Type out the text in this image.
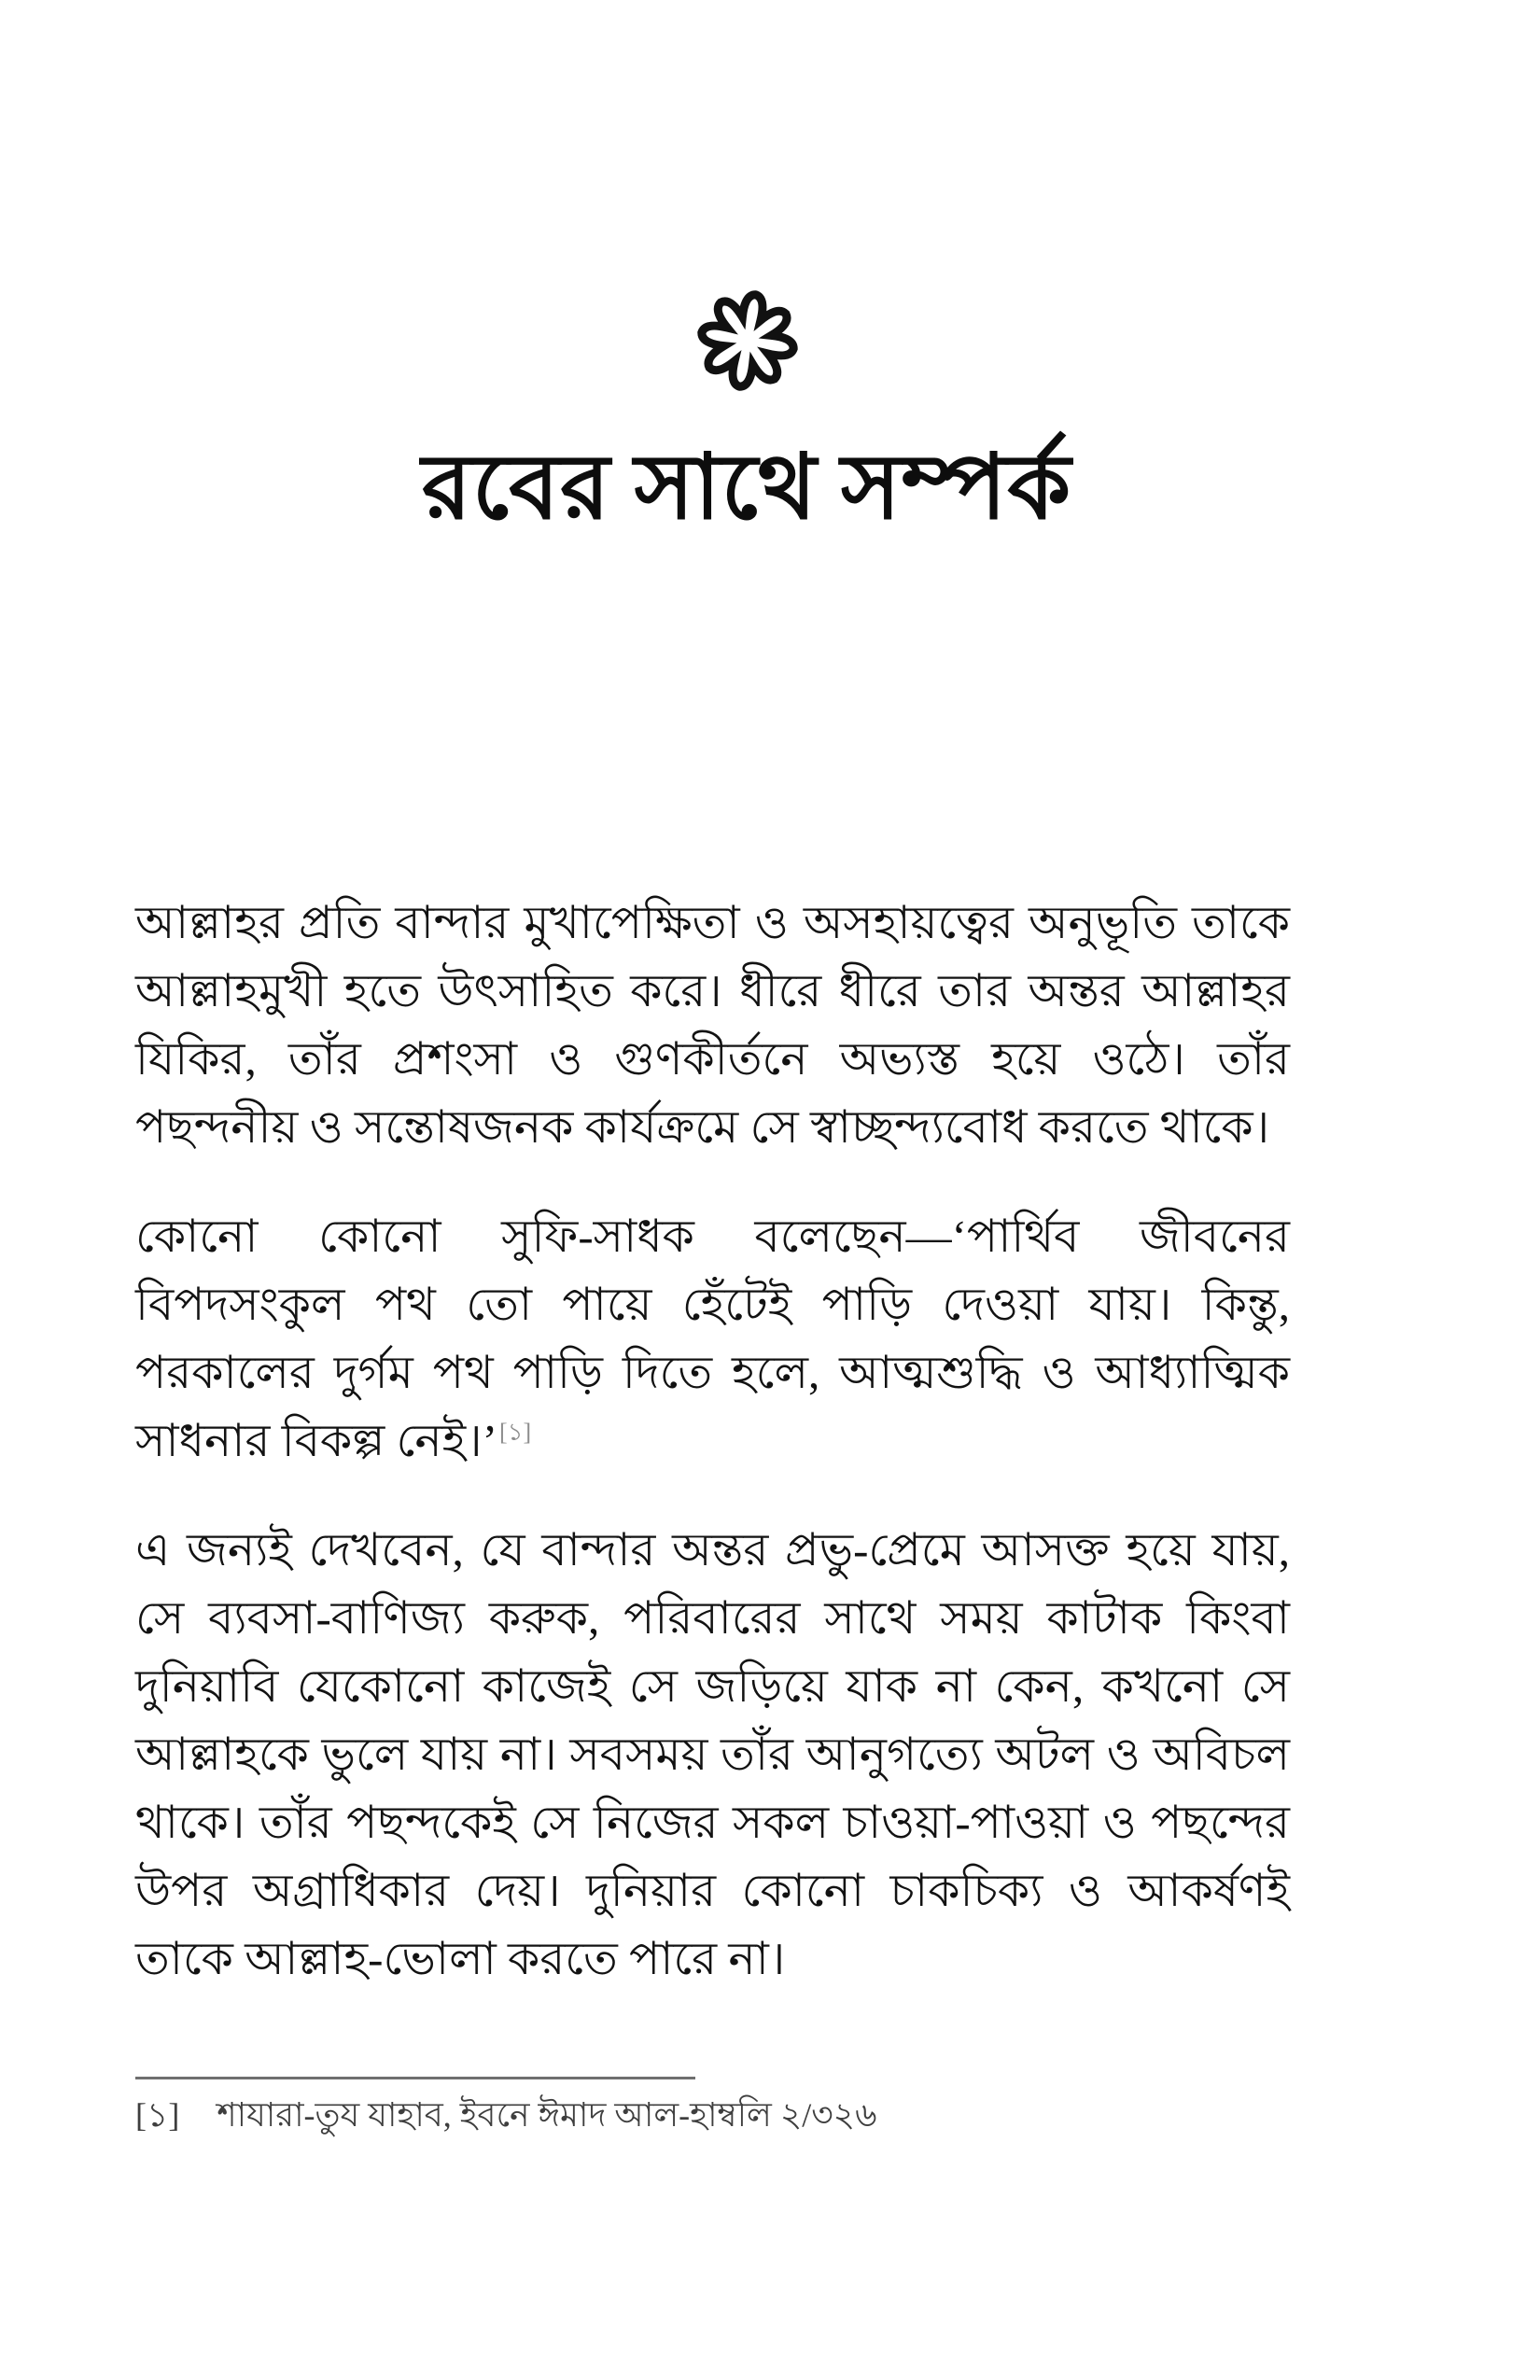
রবের সাথে সম্পর্ক

আল্লাহর প্রতি বান্দার মুখাপেক্ষিতা ও অসহায়ত্বের অনুভূতি তাকে আল্লাহমুখী হতে উৎসাহিত করে। ধীরে ধীরে তার অন্তর আল্লাহর যিকির, তাঁর প্রশংসা ও গুণকীর্তনে অভ্যস্ত হয়ে ওঠে। তাঁর পছন্দনীয় ও সন্তোষজনক কার্যক্রমে সে স্বাচ্ছন্দ্যবোধ করতে থাকে।

কোনো কোনো সুফি-সাধক বলেছেন—‘পার্থিব জীবনের বিপদসংকুল পথ তো পায়ে হেঁটেই পাড়ি দেওয়া যায়। কিন্তু, পরকালের দুর্গম পথ পাড়ি দিতে হলে, আত্মশুদ্ধি ও আধ্যাত্মিক সাধনার বিকল্প নেই।’[১]

এ জন্যই দেখবেন, যে বান্দার অন্তর প্রভু-প্রেমে আসক্ত হয়ে যায়, সে ব্যবসা-বাণিজ্য করুক, পরিবারের সাথে সময় কাটাক কিংবা দুনিয়াবি যেকোনো কাজেই সে জড়িয়ে যাক না কেন, কখনো সে আল্লাহকে ভুলে যায় না। সবসময় তাঁর আনুগত্যে অটল ও অবিচল থাকে। তাঁর পছন্দকেই সে নিজের সকল চাওয়া-পাওয়া ও পছন্দের উপর অগ্রাধিকার দেয়। দুনিয়ার কোনো চাকচিক্য ও আকর্ষণই তাকে আল্লাহ-ভোলা করতে পারে না।

[১] শাযারা-তুয যাহাব, ইবনে ঈমাদ আল-হাম্বলি ২/৩২৬
